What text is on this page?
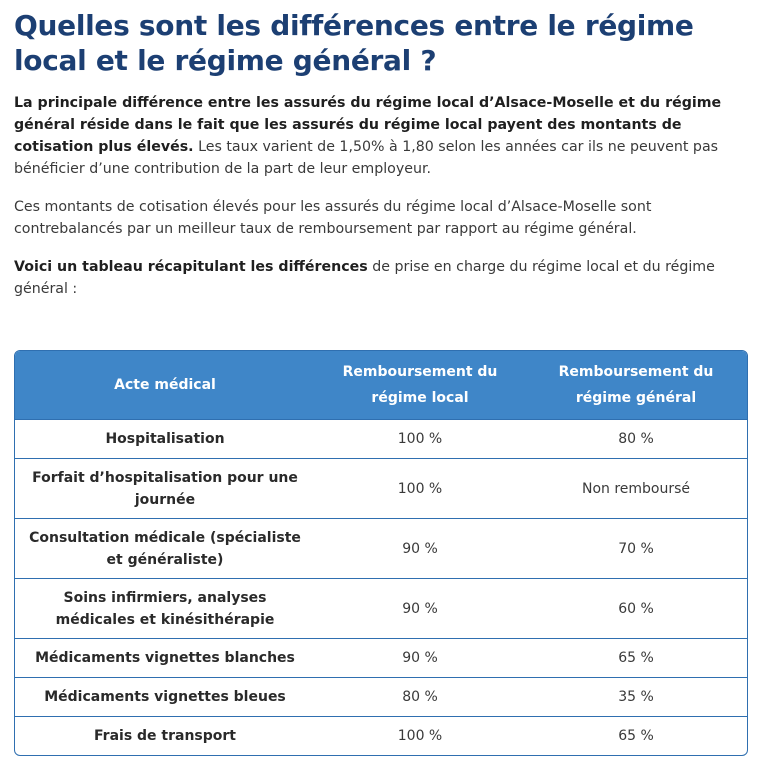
Quelles sont les différences entre le régime local et le régime général ?

La principale différence entre les assurés du régime local d’Alsace-Moselle et du régime général réside dans le fait que les assurés du régime local payent des montants de cotisation plus élevés. Les taux varient de 1,50% à 1,80 selon les années car ils ne peuvent pas bénéficier d’une contribution de la part de leur employeur.

Ces montants de cotisation élevés pour les assurés du régime local d’Alsace-Moselle sont contrebalancés par un meilleur taux de remboursement par rapport au régime général.

Voici un tableau récapitulant les différences de prise en charge du régime local et du régime général :

Acte médical	Remboursement du régime local	Remboursement du régime général
Hospitalisation	100 %	80 %
Forfait d’hospitalisation pour une journée	100 %	Non remboursé
Consultation médicale (spécialiste et généraliste)	90 %	70 %
Soins infirmiers, analyses médicales et kinésithérapie	90 %	60 %
Médicaments vignettes blanches	90 %	65 %
Médicaments vignettes bleues	80 %	35 %
Frais de transport	100 %	65 %
